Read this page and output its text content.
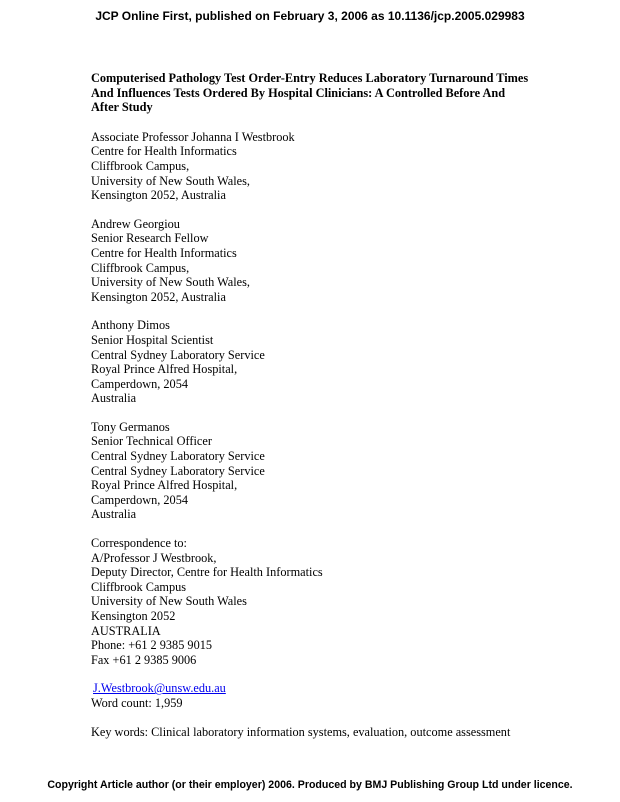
JCP Online First, published on February 3, 2006 as 10.1136/jcp.2005.029983
Computerised Pathology Test Order-Entry Reduces Laboratory Turnaround Times
And Influences Tests Ordered By Hospital Clinicians: A Controlled Before And
After Study
Associate Professor Johanna I Westbrook
Centre for Health Informatics
Cliffbrook Campus,
University of New South Wales,
Kensington 2052, Australia
Andrew Georgiou
Senior Research Fellow
Centre for Health Informatics
Cliffbrook Campus,
University of New South Wales,
Kensington 2052, Australia
Anthony Dimos
Senior Hospital Scientist
Central Sydney Laboratory Service
Royal Prince Alfred Hospital,
Camperdown, 2054
Australia
Tony Germanos
Senior Technical Officer
Central Sydney Laboratory Service
Central Sydney Laboratory Service
Royal Prince Alfred Hospital,
Camperdown, 2054
Australia
Correspondence to:
A/Professor J Westbrook,
Deputy Director, Centre for Health Informatics
Cliffbrook Campus
University of New South Wales
Kensington 2052
AUSTRALIA
Phone: +61 2 9385 9015
Fax +61 2 9385 9006
J.Westbrook@unsw.edu.au
Word count: 1,959
Key words: Clinical laboratory information systems, evaluation, outcome assessment
Copyright Article author (or their employer) 2006. Produced by BMJ Publishing Group Ltd under licence.
